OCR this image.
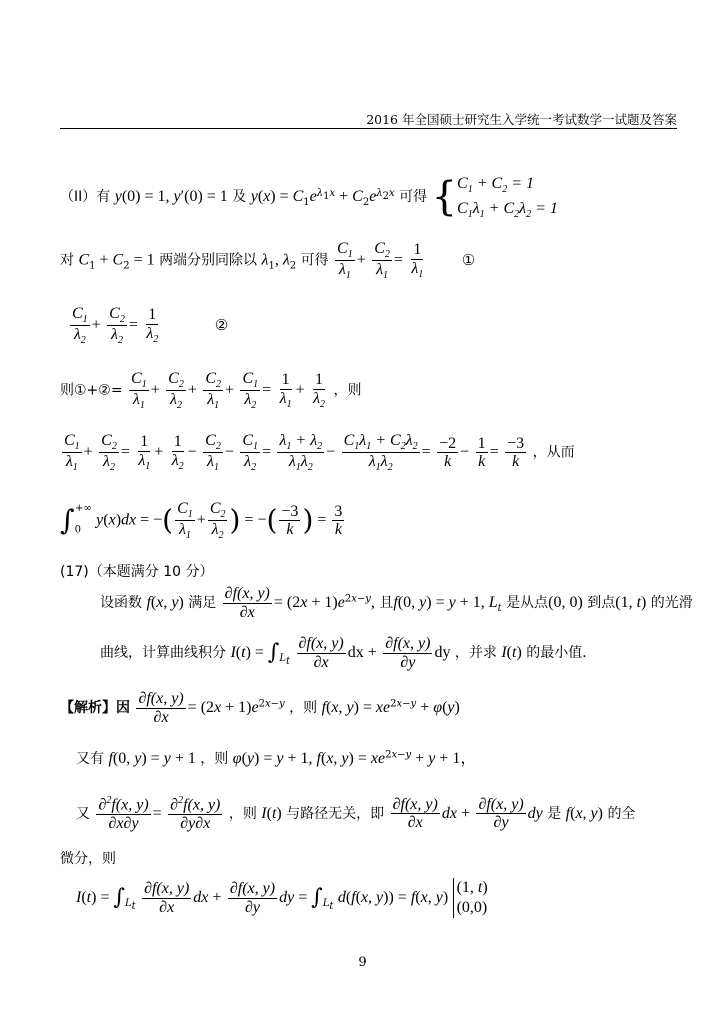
2016 年全国硕士研究生入学统一考试数学一试题及答案
（II）有 y(0) = 1, y′(0) = 1 及 $y(x) = C_1e^{\lambda_1x} + C_2e^{\lambda_2x}$ 可得 { $C_1 + C_2 = 1$
$C_1\lambda_1 + C_2\lambda_2 = 1$
对 $C_1 + C_2 = 1$ 两端分别同除以 $\lambda_1$, $\lambda_2$ 可得 $\frac{C_1}{\lambda_1} + \frac{C_2}{\lambda_1} = \frac{1}{\lambda_1}$ ①
$\frac{C_1}{\lambda_2} + \frac{C_2}{\lambda_2} = \frac{1}{\lambda_2}$	②
则①+②= $\frac{C_1}{\lambda_1} + \frac{C_2}{\lambda_2} + \frac{C_2}{\lambda_1} + \frac{C_1}{\lambda_2} = \frac{1}{\lambda_1} + \frac{1}{\lambda_2}$ ，则
$\frac{C_1}{\lambda_1} + \frac{C_2}{\lambda_2} = \frac{1}{\lambda_1} + \frac{1}{\lambda_2} - \frac{C_2}{\lambda_1} - \frac{C_1}{\lambda_2} = \frac{\lambda_1 + \lambda_2}{\lambda_1\lambda_2} - \frac{C_1\lambda_1 + C_2\lambda_2}{\lambda_1\lambda_2} = \frac{-2}{k} - \frac{1}{k} = \frac{-3}{k}$ ，从而
$\int_0^{+\infty}$ y(x)dx = −( $\frac{C_1}{\lambda_1} + \frac{C_2}{\lambda_2}$ ) = −( $\frac{-3}{k}$ ) = $\frac{3}{k}$
(17)（本题满分 10 分）
设函数 f(x, y) 满足 $\frac{\partial f(x, y)}{\partial x} = (2x + 1)e^{2x-y}$, 且f(0, y) = y + 1, $L_t$ 是从点(0, 0) 到点(1, t) 的光滑
曲线，计算曲线积分 $I(t) = \int_{L_t} \frac{\partial f(x, y)}{\partial x}$ dx + $\frac{\partial f(x, y)}{\partial y}$ dy ，并求 I(t) 的最小值.
【解析】因 $\frac{\partial f(x, y)}{\partial x} = (2x + 1)e^{2x-y}$ ，则 f(x, $y) = xe^{2x-y} + \varphi(y)$
又有 f(0, y) = y + 1 ，则 φ(y) = y + 1, f(x, $y) = xe^{2x-y} + y + 1$，
又 $\frac{\partial^2f(x, y)}{\partial x\partial y} = \frac{\partial^2f(x, y)}{\partial y\partial x}$ ，则 I(t) 与路径无关，即 $\frac{\partial f(x, y)}{\partial x}$ dx + $\frac{\partial f(x, y)}{\partial y}$ dy 是 f(x, y) 的全
微分，则
$I(t) = \int_{L_t} \frac{\partial f(x, y)}{\partial x}$ dx + $\frac{\partial f(x, y)}{\partial y}$ dy = $\int_{L_t}$ d(f(x, y)) = f(x, y)
(1, t)
(0,0)
9
